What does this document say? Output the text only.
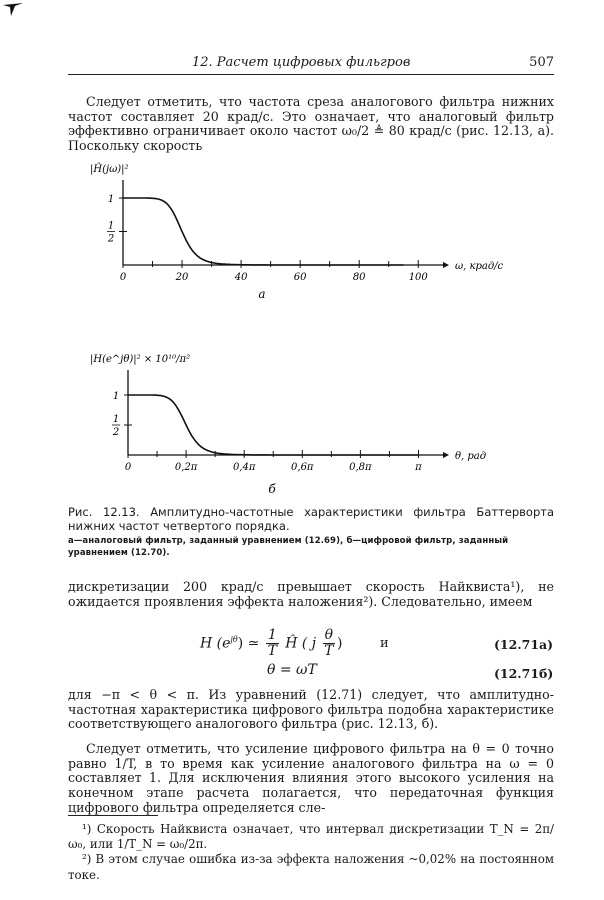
12. Расчет цифровых фильгров	507
Следует отметить, что частота среза аналогового фильтра нижних частот составляет 20 крад/с. Это означает, что аналоговый фильтр эффективно ограничивает около частот ω₀/2 ≜ 80 крад/с (рис. 12.13, а). Поскольку скорость
|Ĥ(jω)|²
1
1
2
0	20	40	60	80	100
ω, крад/с
а
|H(e^jθ)|² × 10¹⁰/π²
1
1
2
0	0,2π	0,4π	0,6π	0,8π	π
θ, рад
б
Рис. 12.13. Амплитудно-частотные характеристики фильтра Баттерворта нижних частот четвертого порядка.
а—аналоговый фильтр, заданный уравнением (12.69), б—цифровой фильтр, заданный уравнением (12.70).
дискретизации 200 крад/с превышает скорость Найквиста¹), не ожидается проявления эффекта наложения²). Следовательно, имеем
H $(e^{j\theta})$ ≃ $\frac{1}{T}$ Ĥ ( j $\frac{\theta}{T}$ )	и	(12.71а)
θ = ωT	(12.71б)
для −π < θ < π. Из уравнений (12.71) следует, что амплитудно-частотная характеристика цифрового фильтра подобна характеристике соответствующего аналогового фильтра (рис. 12.13, б).
Следует отметить, что усиление цифрового фильтра на θ = 0 точно равно 1/T, в то время как усиление аналогового фильтра на ω = 0 составляет 1. Для исключения влияния этого высокого усиления на конечном этапе расчета полагается, что передаточная функция цифрового фильтра определяется сле-
¹) Скорость Найквиста означает, что интервал дискретизации T_N = 2π/ω₀, или 1/T_N = ω₀/2π.
²) В этом случае ошибка из-за эффекта наложения ~0,02% на постоянном токе.
